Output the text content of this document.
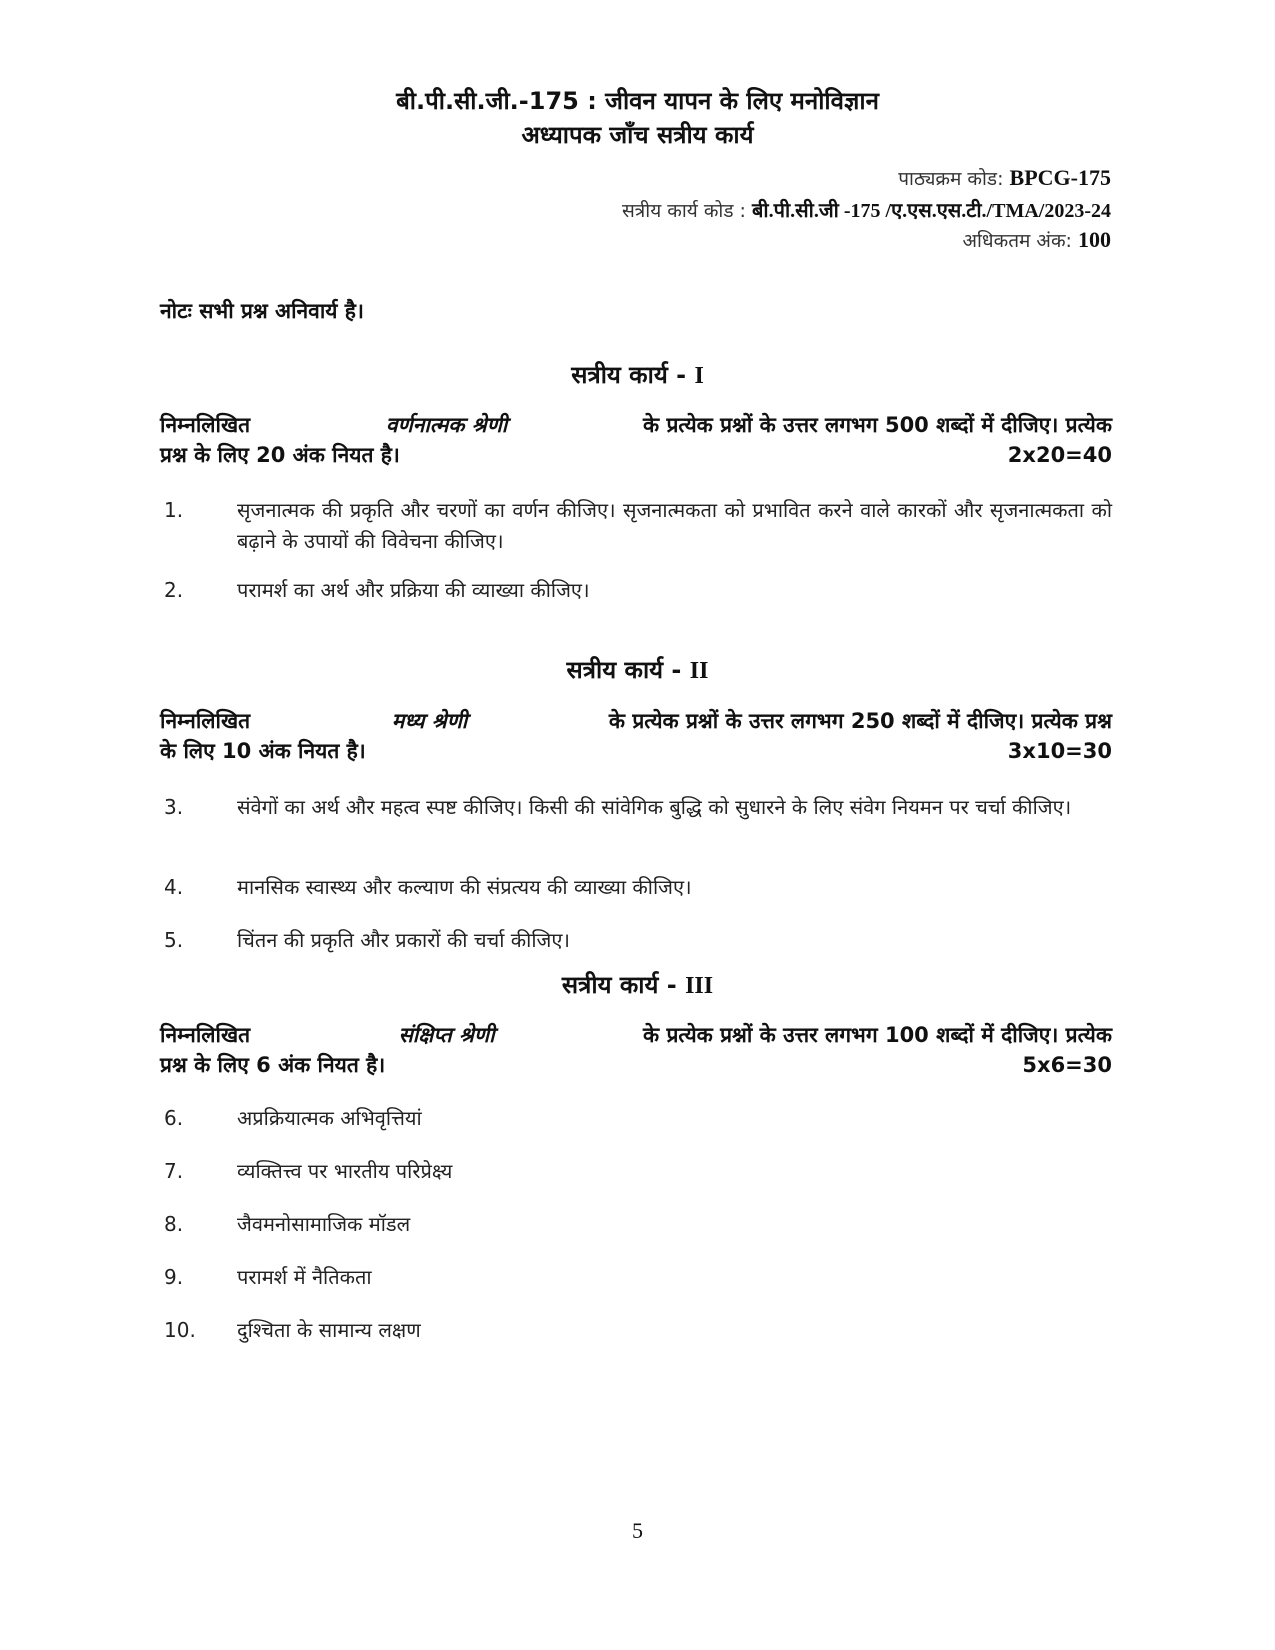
बी.पी.सी.जी.-175 : जीवन यापन के लिए मनोविज्ञान
अध्यापक जाँच सत्रीय कार्य
पाठ्यक्रम कोड: BPCG-175
सत्रीय कार्य कोड : बी.पी.सी.जी -175 /ए.एस.एस.टी./TMA/2023-24
अधिकतम अंक: 100
नोटः सभी प्रश्न अनिवार्य है।
सत्रीय कार्य - I
निम्नलिखित	वर्णनात्मक श्रेणी	के प्रत्येक प्रश्नों के उत्तर लगभग 500 शब्दों में दीजिए। प्रत्येक
प्रश्न के लिए 20 अंक नियत है।	2x20=40
1.	सृजनात्मक की प्रकृति और चरणों का वर्णन कीजिए। सृजनात्मकता को प्रभावित करने वाले कारकों और सृजनात्मकता को बढ़ाने के उपायों की विवेचना कीजिए।
2.	परामर्श का अर्थ और प्रक्रिया की व्याख्या कीजिए।
सत्रीय कार्य - II
निम्नलिखित	मध्य श्रेणी	के प्रत्येक प्रश्नों के उत्तर लगभग 250 शब्दों में दीजिए। प्रत्येक प्रश्न
के लिए 10 अंक नियत है।	3x10=30
3.	संवेगों का अर्थ और महत्व स्पष्ट कीजिए। किसी की सांवेगिक बुद्धि को सुधारने के लिए संवेग नियमन पर चर्चा कीजिए।
4.	मानसिक स्वास्थ्य और कल्याण की संप्रत्यय की व्याख्या कीजिए।
5.	चिंतन की प्रकृति और प्रकारों की चर्चा कीजिए।
सत्रीय कार्य - III
निम्नलिखित	संक्षिप्त श्रेणी	के प्रत्येक प्रश्नों के उत्तर लगभग 100 शब्दों में दीजिए। प्रत्येक
प्रश्न के लिए 6 अंक नियत है।	5x6=30
6.	अप्रक्रियात्मक अभिवृत्तियां
7.	व्यक्तित्त्व पर भारतीय परिप्रेक्ष्य
8.	जैवमनोसामाजिक मॉडल
9.	परामर्श में नैतिकता
10.	दुश्चिता के सामान्य लक्षण
5
